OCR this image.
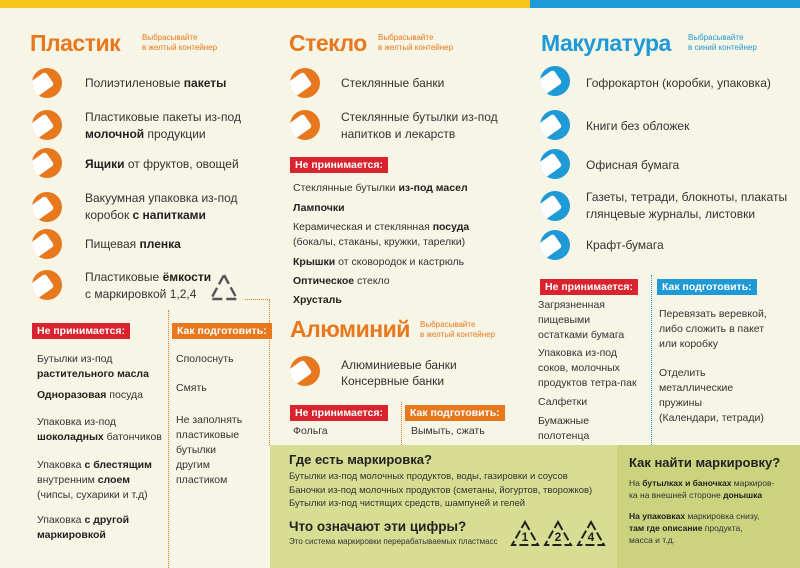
Пластик	Выбрасывайте
в желтый контейнер
Полиэтиленовые пакеты
Пластиковые пакеты из-под
молочной продукции
Ящики от фруктов, овощей
Вакуумная упаковка из-под
коробок с напитками
Пищевая пленка
Пластиковые ёмкости
с маркировкой 1,2,4
Не принимается:	Как подготовить:
Бутылки из-под
растительного масла
Одноразовая посуда
Упаковка из-под
шоколадных батончиков
Упаковка с блестящим
внутренним слоем
(чипсы, сухарики и т.д)
Упаковка с другой
маркировкой
Сполоснуть
Смять
Не заполнять
пластиковые
бутылки
другим
пластиком
Стекло Выбрасывайте
в желтый контейнер
Стеклянные банки
Стеклянные бутылки из-под
напитков и лекарств
Не принимается:
Стеклянные бутылки из-под масел
Лампочки
Керамическая и стеклянная посуда
(бокалы, стаканы, кружки, тарелки)
Крышки от сковородок и кастрюль
Оптическое стекло
Хрусталь
Алюминий Выбрасывайте
в желтый контейнер
Алюминиевые банки
Консервные банки
Не принимается:	Как подготовить:
Фольга	Вымыть, сжать
Макулатура Выбрасывайте
в синий контейнер
Гофрокартон (коробки, упаковка)
Книги без обложек
Офисная бумага
Газеты, тетради, блокноты, плакаты
глянцевые журналы, листовки
Крафт-бумага
Не принимается:	Как подготовить:
Загрязненная
пищевыми
остатками бумага
Упаковка из-под
соков, молочных
продуктов тетра-пак
Салфетки
Бумажные
полотенца
Перевязать веревкой,
либо сложить в пакет
или коробку
Отделить
металлические
пружины
(Календари, тетради)
Где есть маркировка?
Бутылки из-под молочных продуктов, воды, газировки и соусов
Баночки из-под молочных продуктов (сметаны, йогуртов, творожков)
Бутылки из-под чистящих средств, шампуней и гелей
Что означают эти цифры?
Это система маркировки перерабатываемых пластмасс	1	2	4
Как найти маркировку?
На бутылках и баночках маркиров-
ка на внешней стороне донышка
На упаковках маркировка снизу,
там где описание продукта,
масса и т.д.
